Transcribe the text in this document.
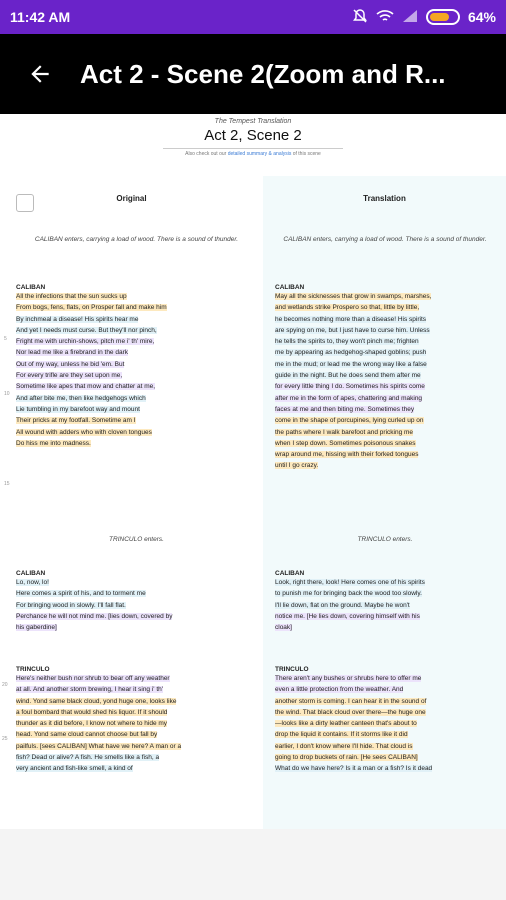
11:42 AM	64%
Act 2 - Scene 2(Zoom and R...
The Tempest Translation
Act 2, Scene 2
Also check out our detailed summary & analysis of this scene
Original
CALIBAN enters, carrying a load of wood. There is a sound of thunder.
CALIBAN
All the infections that the sun sucks up
From bogs, fens, flats, on Prosper fall and make him
By inchmeal a disease! His spirits hear me
And yet I needs must curse. But they'll nor pinch,
Fright me with urchin-shows, pitch me i' th' mire,
Nor lead me like a firebrand in the dark
Out of my way, unless he bid 'em. But
For every trifle are they set upon me,
Sometime like apes that mow and chatter at me,
And after bite me, then like hedgehogs which
Lie tumbling in my barefoot way and mount
Their pricks at my footfall. Sometime am I
All wound with adders who with cloven tongues
Do hiss me into madness.
TRINCULO enters.
CALIBAN
Lo, now, lo!
Here comes a spirit of his, and to torment me
For bringing wood in slowly. I'll fall flat.
Perchance he will not mind me. [lies down, covered by
his gaberdine]
TRINCULO
Here's neither bush nor shrub to bear off any weather
at all. And another storm brewing, I hear it sing i' th'
wind. Yond same black cloud, yond huge one, looks like
a foul bombard that would shed his liquor. If it should
thunder as it did before, I know not where to hide my
head. Yond same cloud cannot choose but fall by
pailfuls. [sees CALIBAN] What have we here? A man or a
fish? Dead or alive? A fish. He smells like a fish, a
very ancient and fish-like smell, a kind of
5
10
15
20
25
Translation
CALIBAN enters, carrying a load of wood. There is a sound of thunder.
CALIBAN
May all the sicknesses that grow in swamps, marshes,
and wetlands strike Prospero so that, little by little,
he becomes nothing more than a disease! His spirits
are spying on me, but I just have to curse him. Unless
he tells the spirits to, they won't pinch me; frighten
me by appearing as hedgehog-shaped goblins; push
me in the mud; or lead me the wrong way like a false
guide in the night. But he does send them after me
for every little thing I do. Sometimes his spirits come
after me in the form of apes, chattering and making
faces at me and then biting me. Sometimes they
come in the shape of porcupines, lying curled up on
the paths where I walk barefoot and pricking me
when I step down. Sometimes poisonous snakes
wrap around me, hissing with their forked tongues
until I go crazy.
TRINCULO enters.
CALIBAN
Look, right there, look! Here comes one of his spirits
to punish me for bringing back the wood too slowly.
I'll lie down, flat on the ground. Maybe he won't
notice me. [He lies down, covering himself with his
cloak]
TRINCULO
There aren't any bushes or shrubs here to offer me
even a little protection from the weather. And
another storm is coming. I can hear it in the sound of
the wind. That black cloud over there—the huge one
—looks like a dirty leather canteen that's about to
drop the liquid it contains. If it storms like it did
earlier, I don't know where I'll hide. That cloud is
going to drop buckets of rain. [He sees CALIBAN]
What do we have here? Is it a man or a fish? Is it dead
